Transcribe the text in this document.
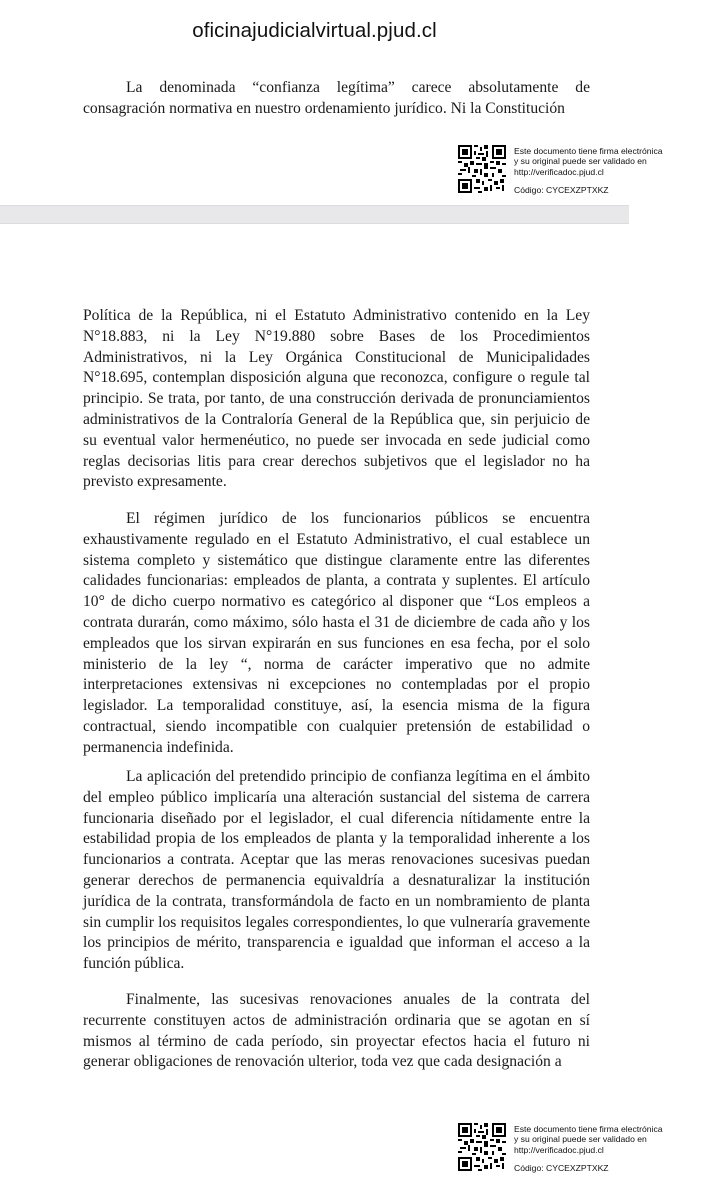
oficinajudicialvirtual.pjud.cl

La denominada “confianza legítima” carece absolutamente de consagración normativa en nuestro ordenamiento jurídico. Ni la Constitución

Este documento tiene firma electrónica
y su original puede ser validado en
http://verificadoc.pjud.cl
Código: CYCEXZPTXKZ

Política de la República, ni el Estatuto Administrativo contenido en la Ley N°18.883, ni la Ley N°19.880 sobre Bases de los Procedimientos Administrativos, ni la Ley Orgánica Constitucional de Municipalidades N°18.695, contemplan disposición alguna que reconozca, configure o regule tal principio. Se trata, por tanto, de una construcción derivada de pronunciamientos administrativos de la Contraloría General de la República que, sin perjuicio de su eventual valor hermenéutico, no puede ser invocada en sede judicial como reglas decisorias litis para crear derechos subjetivos que el legislador no ha previsto expresamente.

El régimen jurídico de los funcionarios públicos se encuentra exhaustivamente regulado en el Estatuto Administrativo, el cual establece un sistema completo y sistemático que distingue claramente entre las diferentes calidades funcionarias: empleados de planta, a contrata y suplentes. El artículo 10° de dicho cuerpo normativo es categórico al disponer que “Los empleos a contrata durarán, como máximo, sólo hasta el 31 de diciembre de cada año y los empleados que los sirvan expirarán en sus funciones en esa fecha, por el solo ministerio de la ley “, norma de carácter imperativo que no admite interpretaciones extensivas ni excepciones no contempladas por el propio legislador. La temporalidad constituye, así, la esencia misma de la figura contractual, siendo incompatible con cualquier pretensión de estabilidad o permanencia indefinida.

La aplicación del pretendido principio de confianza legítima en el ámbito del empleo público implicaría una alteración sustancial del sistema de carrera funcionaria diseñado por el legislador, el cual diferencia nítidamente entre la estabilidad propia de los empleados de planta y la temporalidad inherente a los funcionarios a contrata. Aceptar que las meras renovaciones sucesivas puedan generar derechos de permanencia equivaldría a desnaturalizar la institución jurídica de la contrata, transformándola de facto en un nombramiento de planta sin cumplir los requisitos legales correspondientes, lo que vulneraría gravemente los principios de mérito, transparencia e igualdad que informan el acceso a la función pública.

Finalmente, las sucesivas renovaciones anuales de la contrata del recurrente constituyen actos de administración ordinaria que se agotan en sí mismos al término de cada período, sin proyectar efectos hacia el futuro ni generar obligaciones de renovación ulterior, toda vez que cada designación a

Este documento tiene firma electrónica
y su original puede ser validado en
http://verificadoc.pjud.cl
Código: CYCEXZPTXKZ
